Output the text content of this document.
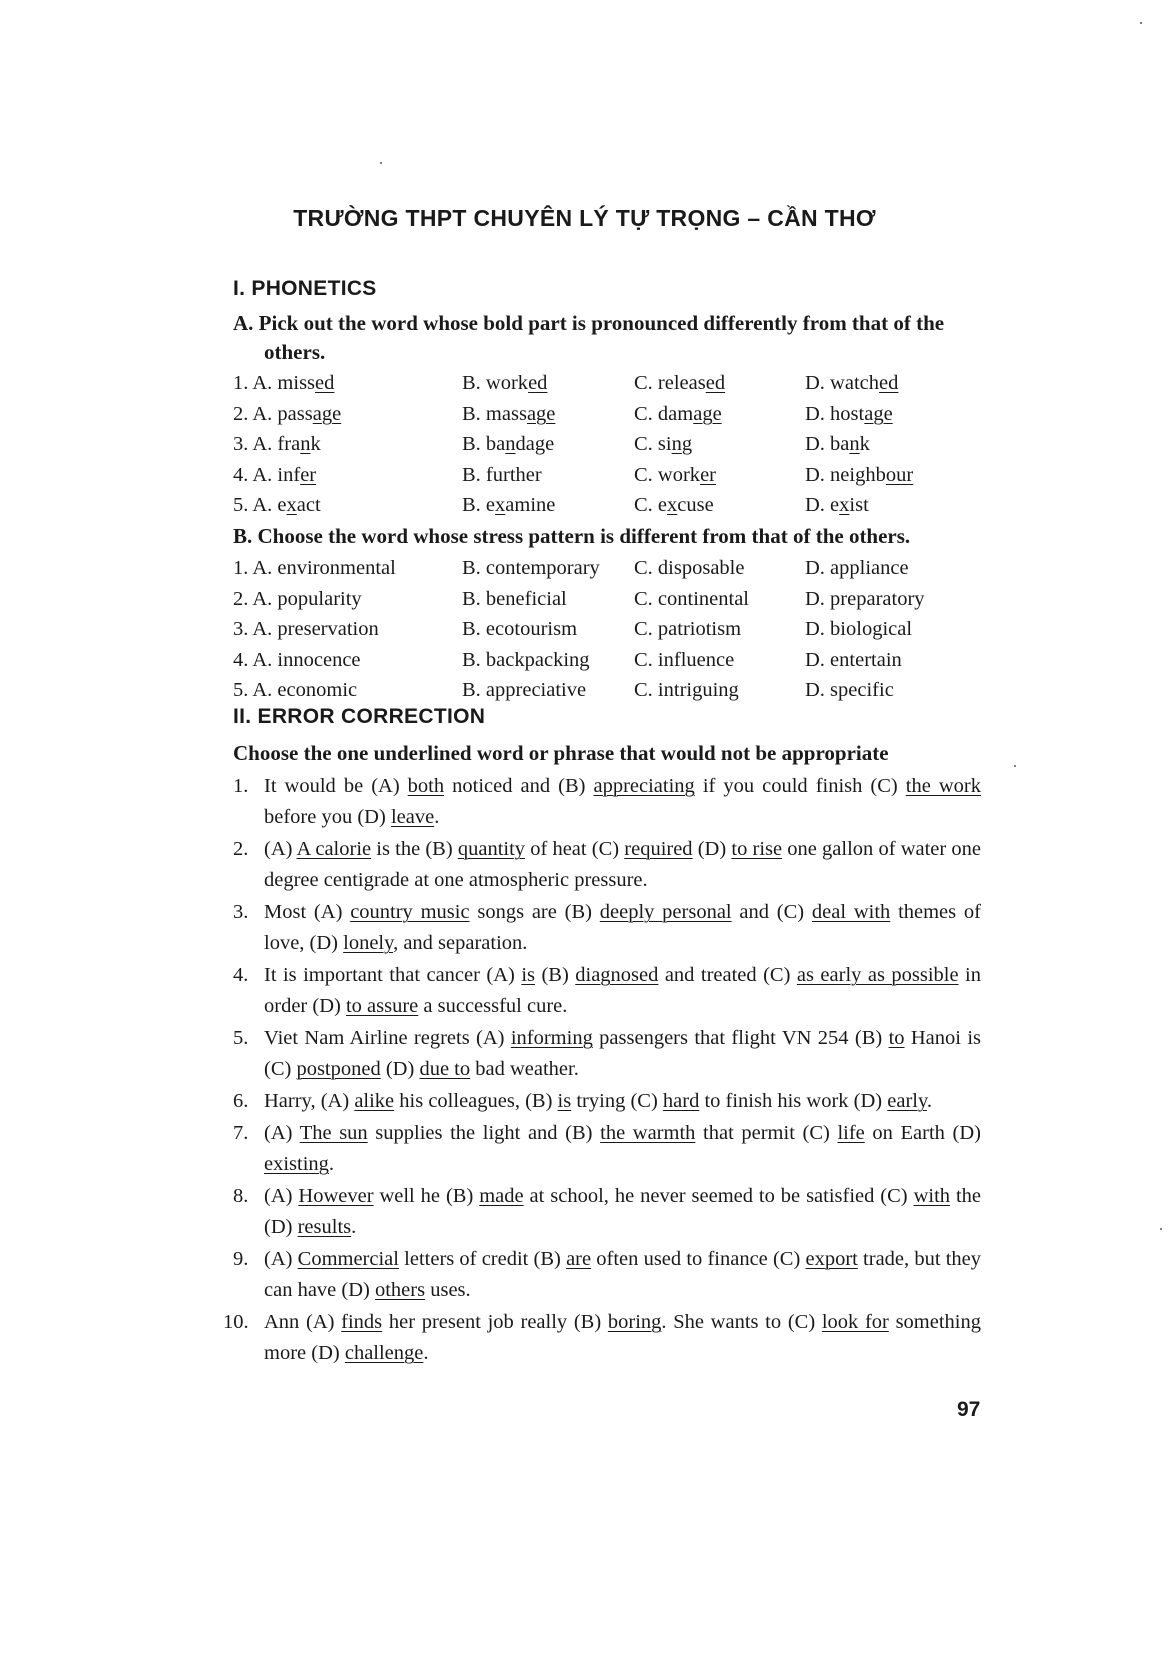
TRƯỜNG THPT CHUYÊN LÝ TỰ TRỌNG – CẦN THƠ
I. PHONETICS
A. Pick out the word whose bold part is pronounced differently from that of the
others.
1. A. missed	B. worked	C. released	D. watched
2. A. passage	B. massage	C. damage	D. hostage
3. A. frank	B. bandage	C. sing	D. bank
4. A. infer	B. further	C. worker	D. neighbour
5. A. exact	B. examine	C. excuse	D. exist
B. Choose the word whose stress pattern is different from that of the others.
1. A. environmental	B. contemporary C. disposable	D. appliance
2. A. popularity	B. beneficial	C. continental	D. preparatory
3. A. preservation	B. ecotourism	C. patriotism	D. biological
4. A. innocence	B. backpacking C. influence	D. entertain
5. A. economic	B. appreciative C. intriguing	D. specific
II. ERROR CORRECTION
Choose the one underlined word or phrase that would not be appropriate
1. It would be (A) both noticed and (B) appreciating if you could finish (C) the work before you (D) leave.
2. (A) A calorie is the (B) quantity of heat (C) required (D) to rise one gallon of water one degree centigrade at one atmospheric pressure.
3. Most (A) country music songs are (B) deeply personal and (C) deal with themes of love, (D) lonely, and separation.
4. It is important that cancer (A) is (B) diagnosed and treated (C) as early as possible in order (D) to assure a successful cure.
5. Viet Nam Airline regrets (A) informing passengers that flight VN 254 (B) to Hanoi is (C) postponed (D) due to bad weather.
6. Harry, (A) alike his colleagues, (B) is trying (C) hard to finish his work (D) early.
7. (A) The sun supplies the light and (B) the warmth that permit (C) life on Earth (D) existing.
8. (A) However well he (B) made at school, he never seemed to be satisfied (C) with the (D) results.
9. (A) Commercial letters of credit (B) are often used to finance (C) export trade, but they can have (D) others uses.
10. Ann (A) finds her present job really (B) boring. She wants to (C) look for something more (D) challenge.
97
